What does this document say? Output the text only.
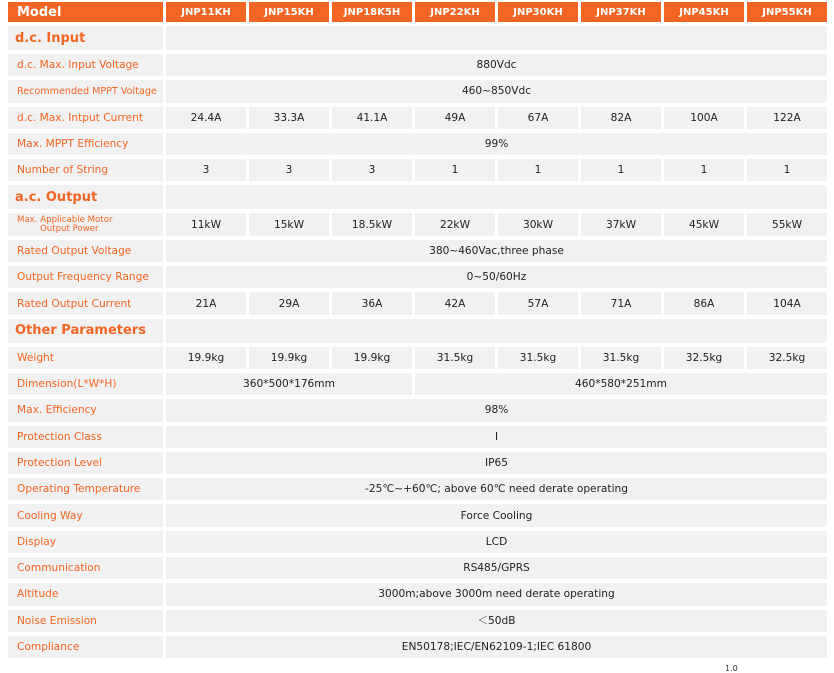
Model	JNP11KH	JNP15KH	JNP18K5H	JNP22KH	JNP30KH	JNP37KH	JNP45KH	JNP55KH
d.c. Input								
d.c. Max. Input Voltage	880Vdc							
Recommended MPPT Voltage	460~850Vdc							
d.c. Max. Intput Current	24.4A	33.3A	41.1A	49A	67A	82A	100A	122A
Max. MPPT Efficiency	99%							
Number of String	3	3	3	1	1	1	1	1
a.c. Output								

Max. Applicable Motor
Output Power	11kW	15kW	18.5kW	22kW	30kW	37kW	45kW	55kW
Rated Output Voltage	380~460Vac,three phase							
Output Frequency Range	0~50/60Hz							
Rated Output Current	21A	29A	36A	42A	57A	71A	86A	104A
Other Parameters								
Weight	19.9kg	19.9kg	19.9kg	31.5kg	31.5kg	31.5kg	32.5kg	32.5kg
Dimension(L*W*H)	360*500*176mm			460*580*251mm				
Max. Efficiency	98%							
Protection Class	I							
Protection Level	IP65							
Operating Temperature	-25℃~+60℃; above 60℃ need derate operating							
Cooling Way	Force Cooling							
Display	LCD							
Communication	RS485/GPRS							
Altitude	3000m;above 3000m need derate operating							
Noise Emission	＜50dB							
Compliance	EN50178;IEC/EN62109-1;IEC 61800							
1.0
